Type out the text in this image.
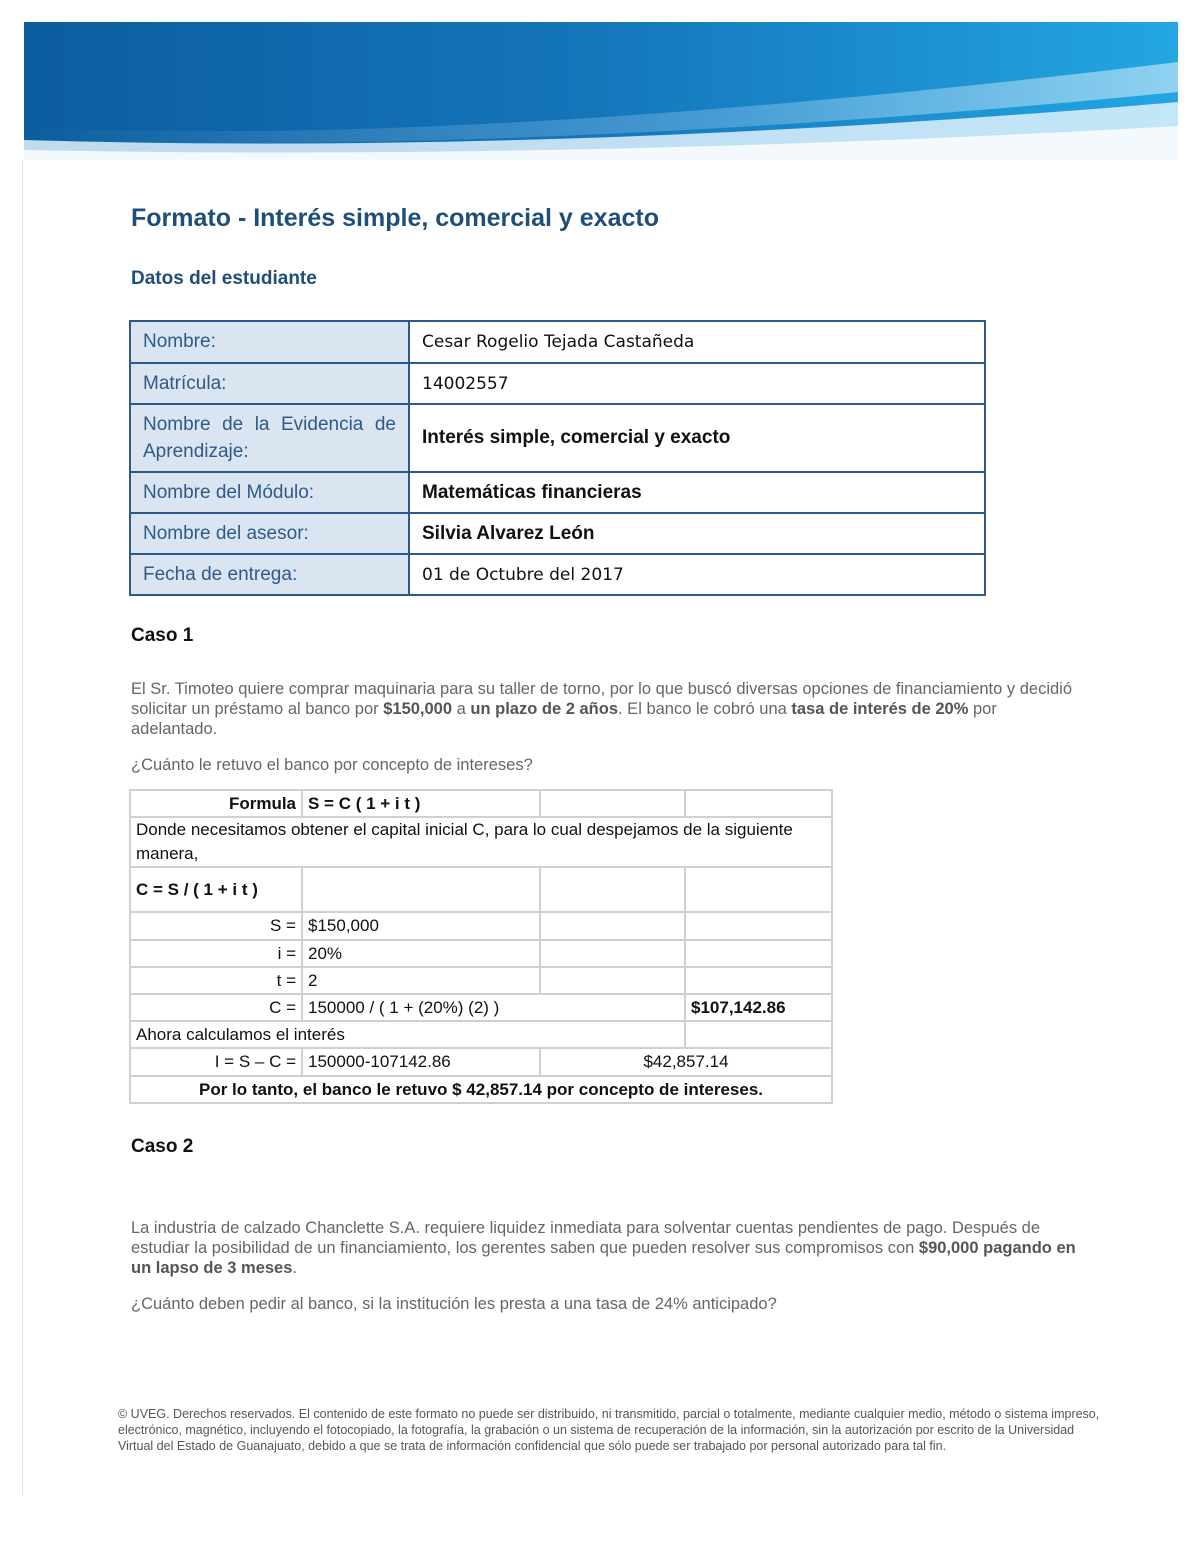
Formato - Interés simple, comercial y exacto
Datos del estudiante
Nombre:	Cesar Rogelio Tejada Castañeda
Matrícula:	14002557
Nombre de la Evidencia de Aprendizaje:	Interés simple, comercial y exacto
Nombre del Módulo:	Matemáticas financieras
Nombre del asesor:	Silvia Alvarez León
Fecha de entrega:	01 de Octubre del 2017
Caso 1

El Sr. Timoteo quiere comprar maquinaria para su taller de torno, por lo que buscó diversas opciones de financiamiento y decidió solicitar un préstamo al banco por $150,000 a un plazo de 2 años. El banco le cobró una tasa de interés de 20% por adelantado.

¿Cuánto le retuvo el banco por concepto de intereses?

Formula	S = C ( 1 + i t )		
Donde necesitamos obtener el capital inicial C, para lo cual despejamos de la siguiente manera,			
C = S / ( 1 + i t )			
S =	$150,000		
i =	20%		
t =	2		
C =	150000 / ( 1 + (20%) (2) )		$107,142.86
Ahora calculamos el interés			
I = S – C =	150000-107142.86	$42,857.14	
Por lo tanto, el banco le retuvo $ 42,857.14 por concepto de intereses.			
Caso 2

La industria de calzado Chanclette S.A. requiere liquidez inmediata para solventar cuentas pendientes de pago. Después de estudiar la posibilidad de un financiamiento, los gerentes saben que pueden resolver sus compromisos con $90,000 pagando en un lapso de 3 meses.

¿Cuánto deben pedir al banco, si la institución les presta a una tasa de 24% anticipado?

© UVEG. Derechos reservados. El contenido de este formato no puede ser distribuido, ni transmitido, parcial o totalmente, mediante cualquier medio, método o sistema impreso, electrónico, magnético, incluyendo el fotocopiado, la fotografía, la grabación o un sistema de recuperación de la información, sin la autorización por escrito de la Universidad Virtual del Estado de Guanajuato, debido a que se trata de información confidencial que sólo puede ser trabajado por personal autorizado para tal fin.
